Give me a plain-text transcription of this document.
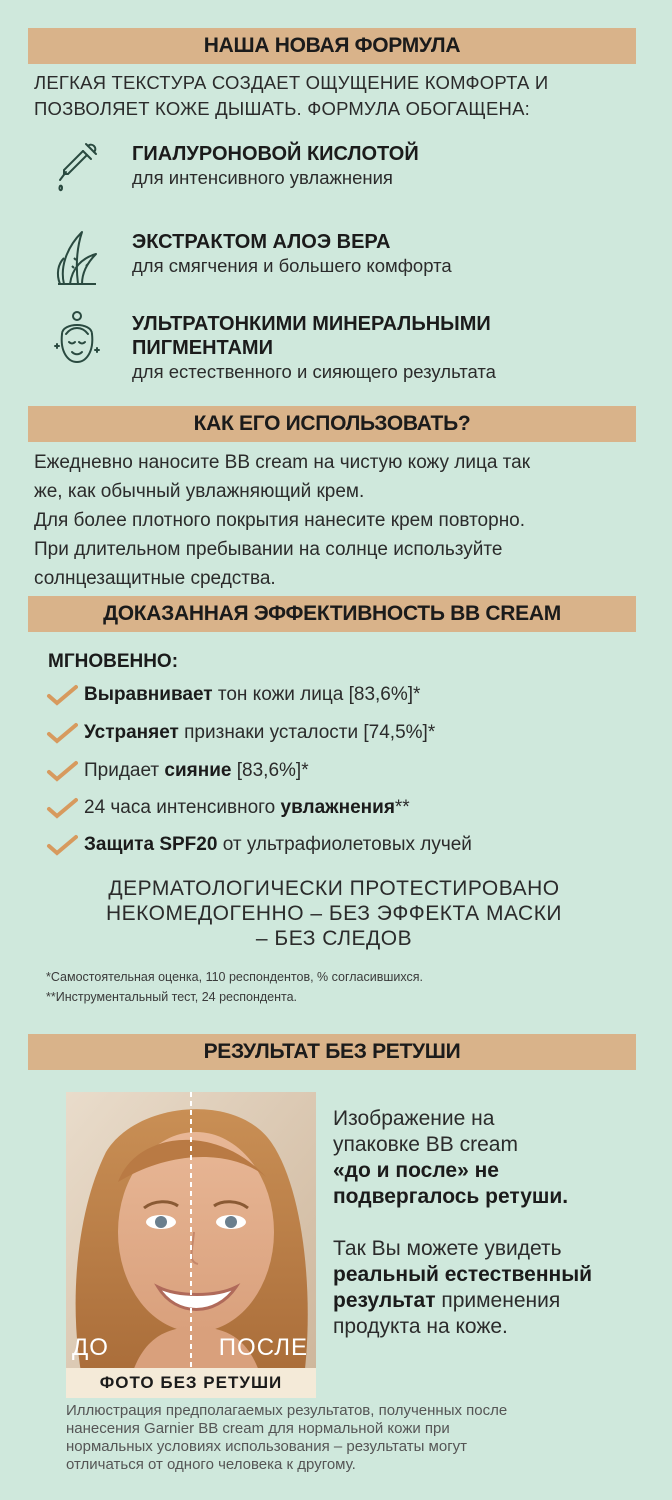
НАША НОВАЯ ФОРМУЛА
ЛЕГКАЯ ТЕКСТУРА СОЗДАЕТ ОЩУЩЕНИЕ КОМФОРТА И
ПОЗВОЛЯЕТ КОЖЕ ДЫШАТЬ. ФОРМУЛА ОБОГАЩЕНА:
ГИАЛУРОНОВОЙ КИСЛОТОЙ
для интенсивного увлажнения
ЭКСТРАКТОМ АЛОЭ ВЕРА
для смягчения и большего комфорта
УЛЬТРАТОНКИМИ МИНЕРАЛЬНЫМИ
ПИГМЕНТАМИ
для естественного и сияющего результата
КАК ЕГО ИСПОЛЬЗОВАТЬ?
Ежедневно наносите BB cream на чистую кожу лица так
же, как обычный увлажняющий крем.
Для более плотного покрытия нанесите крем повторно.
При длительном пребывании на солнце используйте
солнцезащитные средства.
ДОКАЗАННАЯ ЭФФЕКТИВНОСТЬ BB CREAM
МГНОВЕННО:
Выравнивает тон кожи лица [83,6%]*
Устраняет признаки усталости [74,5%]*
Придает сияние [83,6%]*
24 часа интенсивного увлажнения**
Защита SPF20 от ультрафиолетовых лучей
ДЕРМАТОЛОГИЧЕСКИ ПРОТЕСТИРОВАНО
НЕКОМЕДОГЕННО – БЕЗ ЭФФЕКТА МАСКИ
– БЕЗ СЛЕДОВ
*Самостоятельная оценка, 110 респондентов, % согласившихся.
**Инструментальный тест, 24 респондента.
РЕЗУЛЬТАТ БЕЗ РЕТУШИ
ДО	ПОСЛЕ
ФОТО БЕЗ РЕТУШИ
Изображение на
упаковке BB cream
«до и после» не
подвергалось ретуши.
Так Вы можете увидеть
реальный естественный
результат применения
продукта на коже.
Иллюстрация предполагаемых результатов, полученных после
нанесения Garnier BB cream для нормальной кожи при
нормальных условиях использования – результаты могут
отличаться от одного человека к другому.
